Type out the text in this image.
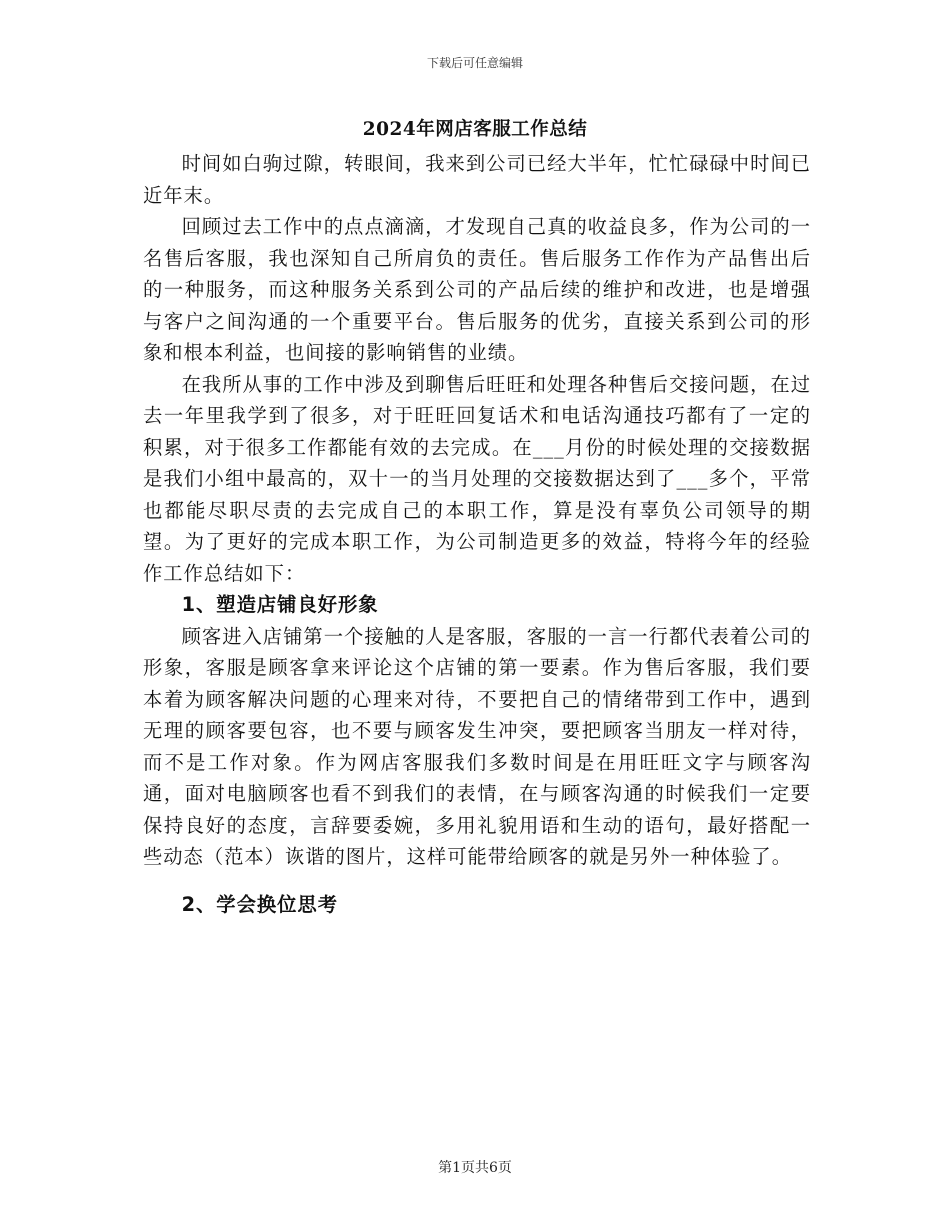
下载后可任意编辑
2024年网店客服工作总结

时间如白驹过隙，转眼间，我来到公司已经大半年，忙忙碌碌中时间已近年末。

回顾过去工作中的点点滴滴，才发现自己真的收益良多，作为公司的一名售后客服，我也深知自己所肩负的责任。售后服务工作作为产品售出后的一种服务，而这种服务关系到公司的产品后续的维护和改进，也是增强与客户之间沟通的一个重要平台。售后服务的优劣，直接关系到公司的形象和根本利益，也间接的影响销售的业绩。

在我所从事的工作中涉及到聊售后旺旺和处理各种售后交接问题，在过去一年里我学到了很多，对于旺旺回复话术和电话沟通技巧都有了一定的积累，对于很多工作都能有效的去完成。在___月份的时候处理的交接数据是我们小组中最高的，双十一的当月处理的交接数据达到了___多个，平常也都能尽职尽责的去完成自己的本职工作，算是没有辜负公司领导的期望。为了更好的完成本职工作，为公司制造更多的效益，特将今年的经验作工作总结如下：

1、塑造店铺良好形象

顾客进入店铺第一个接触的人是客服，客服的一言一行都代表着公司的形象，客服是顾客拿来评论这个店铺的第一要素。作为售后客服，我们要本着为顾客解决问题的心理来对待，不要把自己的情绪带到工作中，遇到无理的顾客要包容，也不要与顾客发生冲突，要把顾客当朋友一样对待，而不是工作对象。作为网店客服我们多数时间是在用旺旺文字与顾客沟通，面对电脑顾客也看不到我们的表情，在与顾客沟通的时候我们一定要保持良好的态度，言辞要委婉，多用礼貌用语和生动的语句，最好搭配一些动态（范本）诙谐的图片，这样可能带给顾客的就是另外一种体验了。

2、学会换位思考
第1页共6页
